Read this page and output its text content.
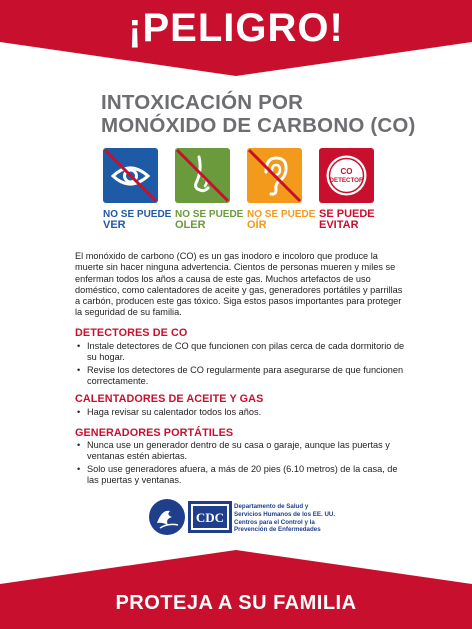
¡PELIGRO!
INTOXICACIÓN POR
MONÓXIDO DE CARBONO (CO)
NO SE PUEDE
VER
NO SE PUEDE
OLER
NO SE PUEDE
OÍR
CO
DETECTOR
SE PUEDE
EVITAR
El monóxido de carbono (CO) es un gas inodoro e incoloro que produce la muerte sin hacer ninguna advertencia. Cientos de personas mueren y miles se enferman todos los años a causa de este gas. Muchos artefactos de uso doméstico, como calentadores de aceite y gas, generadores portátiles y parrillas a carbón, producen este gas tóxico. Siga estos pasos importantes para proteger la seguridad de su familia.
DETECTORES DE CO
• Instale detectores de CO que funcionen con pilas cerca de cada dormitorio de su hogar.
• Revise los detectores de CO regularmente para asegurarse de que funcionen correctamente.
CALENTADORES DE ACEITE Y GAS
• Haga revisar su calentador todos los años.
GENERADORES PORTÁTILES
• Nunca use un generador dentro de su casa o garaje, aunque las puertas y ventanas estén abiertas.
• Solo use generadores afuera, a más de 20 pies (6.10 metros) de la casa, de las puertas y ventanas.
CDC
Departamento de Salud y
Servicios Humanos de los EE. UU.
Centros para el Control y la
Prevención de Enfermedades
PROTEJA A SU FAMILIA
